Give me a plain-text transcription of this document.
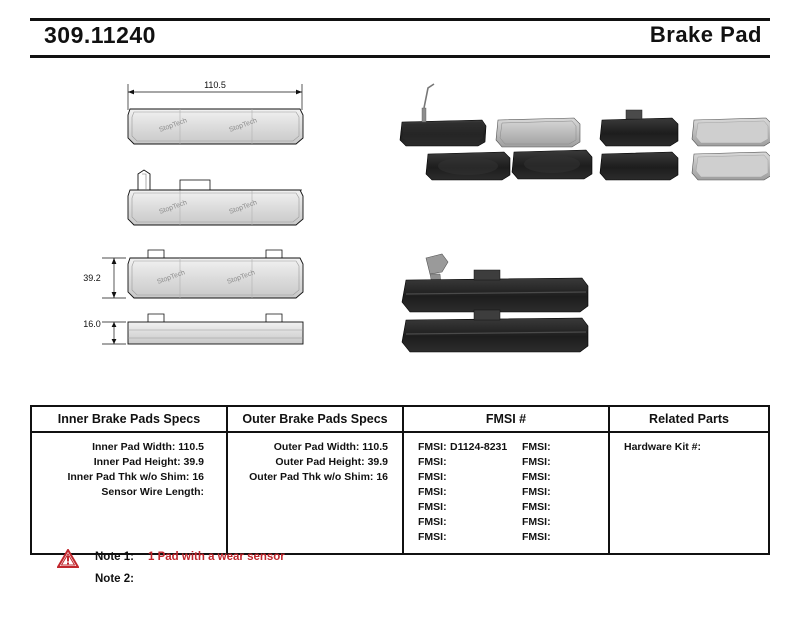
309.11240	Brake Pad
110.5
StopTech	StopTech
StopTech	StopTech
39.2	StopTech	StopTech
16.0
Inner Brake Pads Specs	Outer Brake Pads Specs	FMSI #	Related Parts
Inner Pad Width: 110.5
Inner Pad Height: 39.9
Inner Pad Thk w/o Shim: 16
Sensor Wire Length:
Outer Pad Width: 110.5
Outer Pad Height: 39.9
Outer Pad Thk w/o Shim: 16
FMSI: D1124-8231	FMSI:
FMSI:	FMSI:
FMSI:	FMSI:
FMSI:	FMSI:
FMSI:	FMSI:
FMSI:	FMSI:
FMSI:	FMSI:
Hardware Kit #:
Note 1: 1 Pad with a wear sensor
Note 2:
